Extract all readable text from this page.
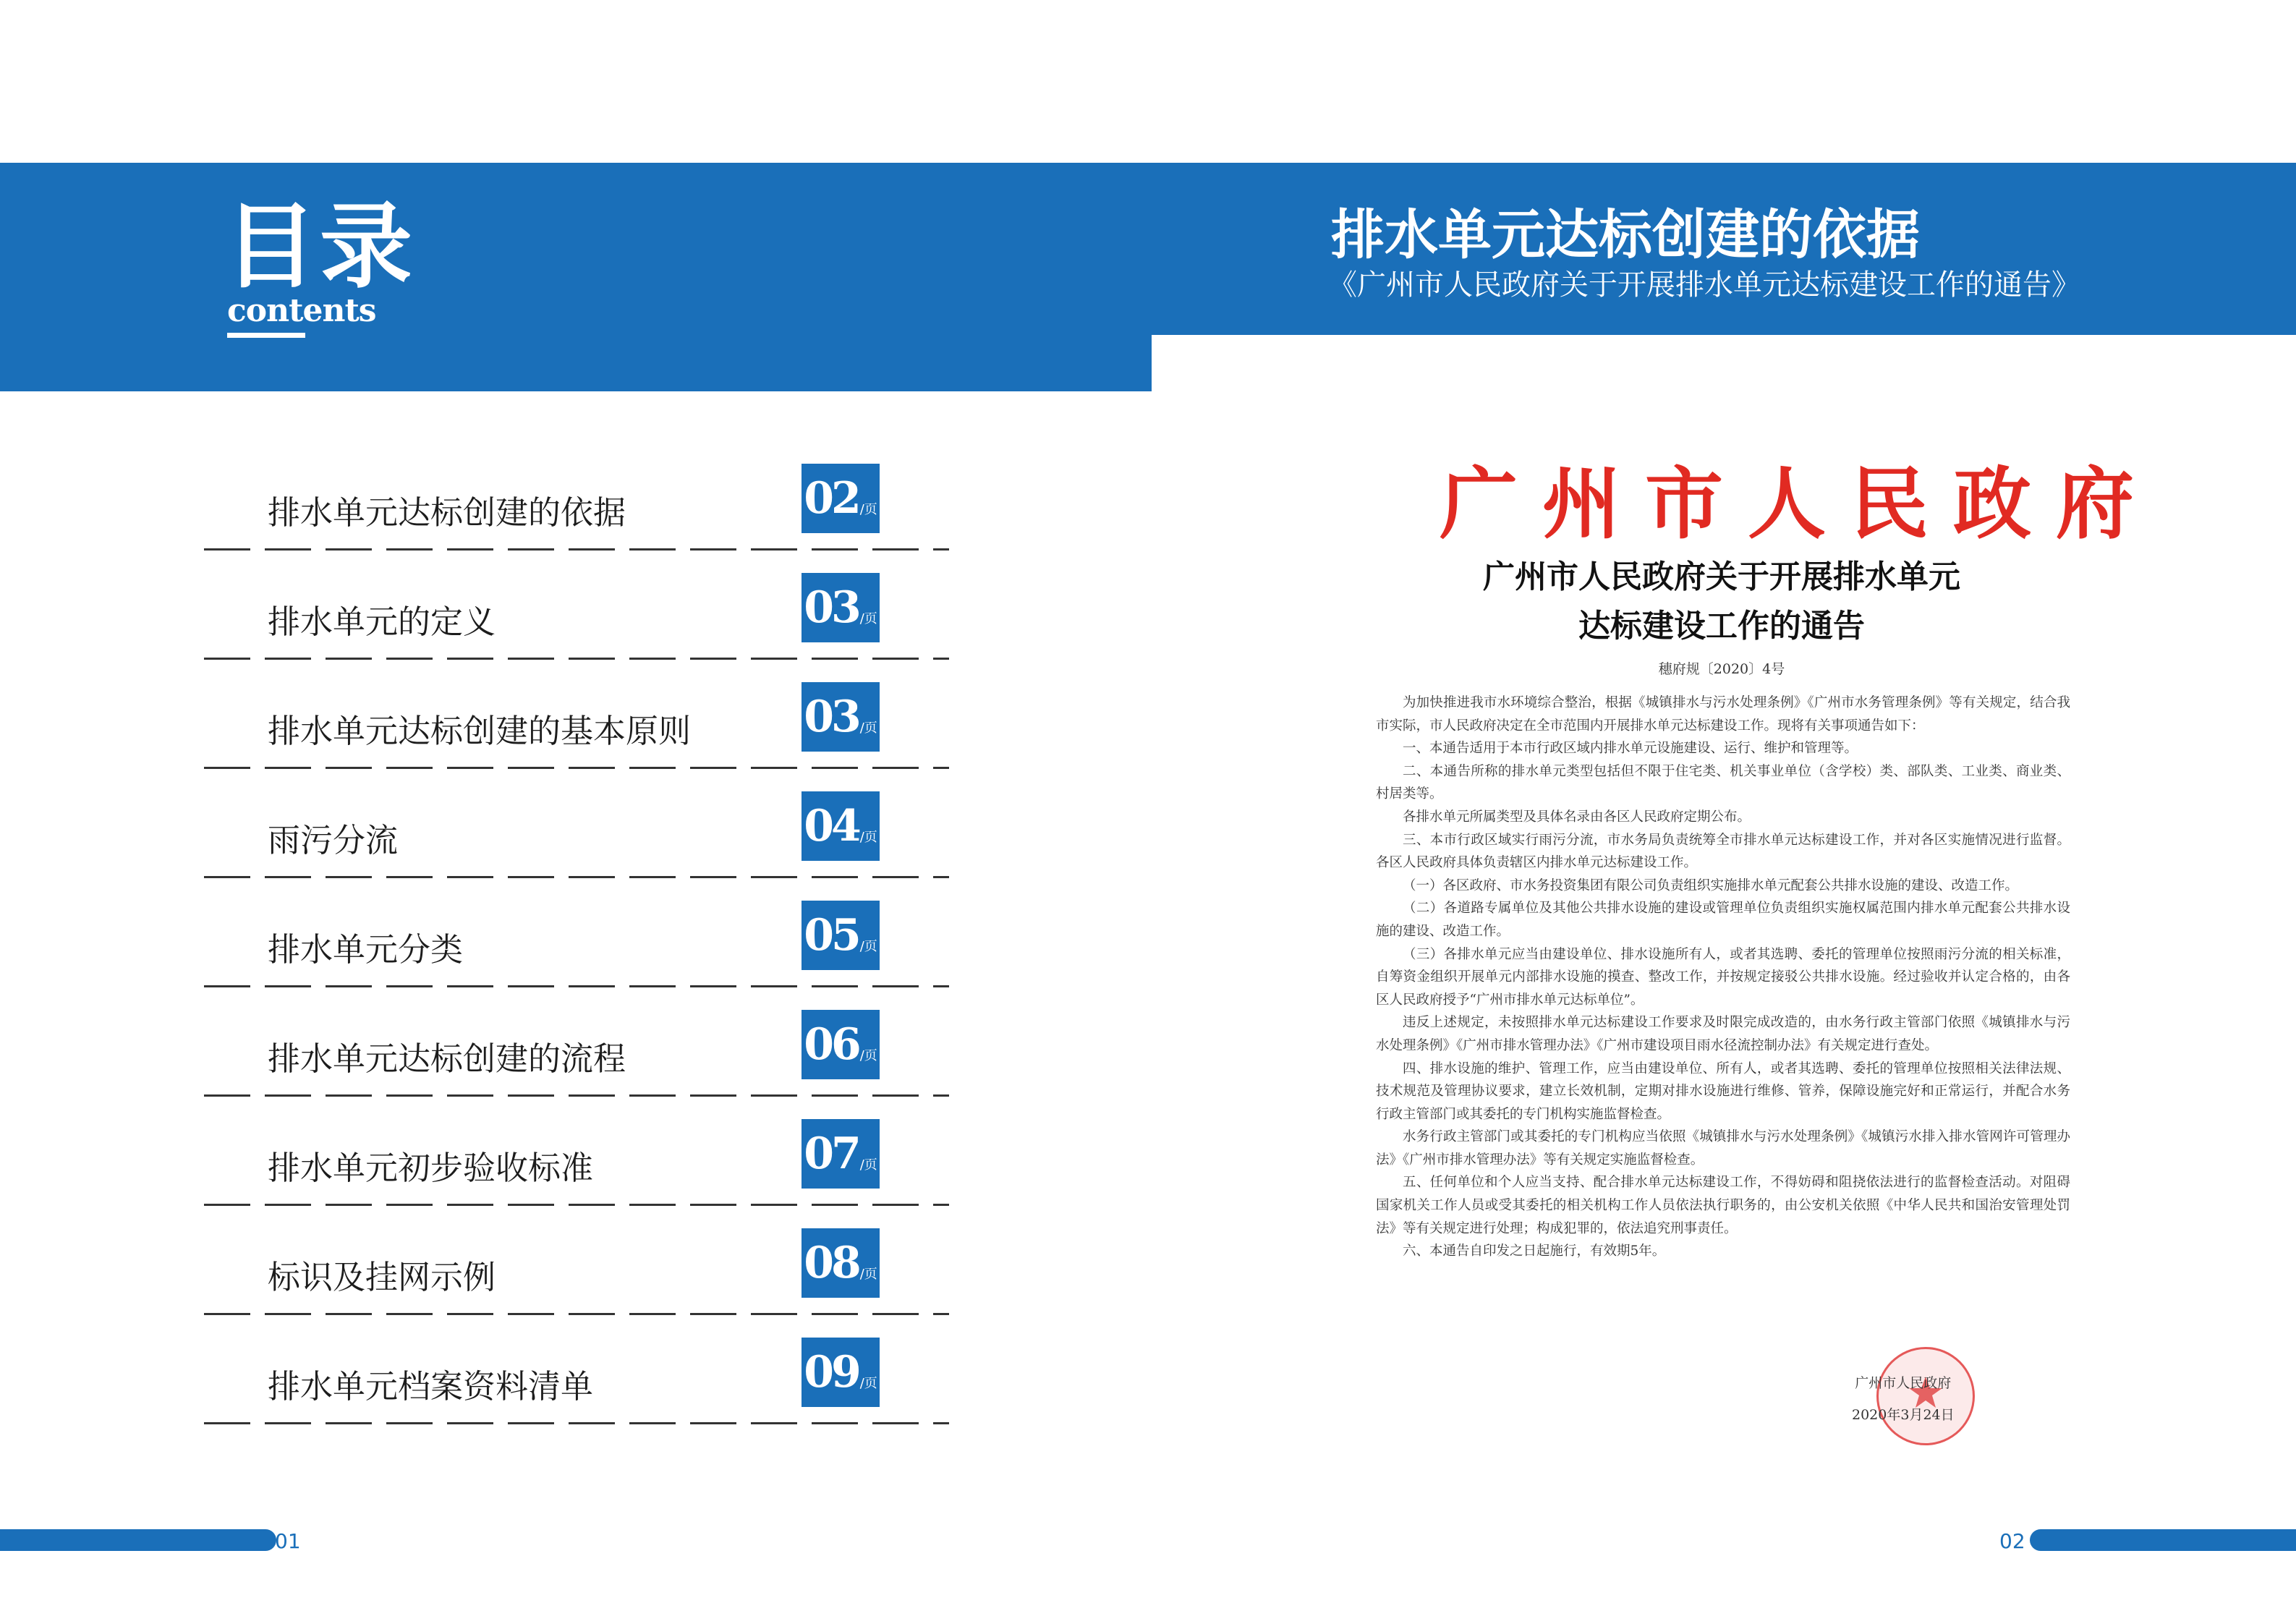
目录
contents
排水单元达标创建的依据	02 /页
排水单元的定义	03 /页
排水单元达标创建的基本原则	03 /页
雨污分流	04 /页
排水单元分类	05 /页
排水单元达标创建的流程	06 /页
排水单元初步验收标准	07 /页
标识及挂网示例	08 /页
排水单元档案资料清单	09 /页
排水单元达标创建的依据
《广州市人民政府关于开展排水单元达标建设工作的通告》
广州市人民政府
广州市人民政府关于开展排水单元
达标建设工作的通告
穗府规〔2020〕4号

为加快推进我市水环境综合整治，根据《城镇排水与污水处理条例》《广州市水务管理条例》等有关规定，结合我市实际，市人民政府决定在全市范围内开展排水单元达标建设工作。现将有关事项通告如下：

一、本通告适用于本市行政区域内排水单元设施建设、运行、维护和管理等。

二、本通告所称的排水单元类型包括但不限于住宅类、机关事业单位（含学校）类、部队类、工业类、商业类、村居类等。

各排水单元所属类型及具体名录由各区人民政府定期公布。

三、本市行政区域实行雨污分流，市水务局负责统筹全市排水单元达标建设工作，并对各区实施情况进行监督。各区人民政府具体负责辖区内排水单元达标建设工作。

（一）各区政府、市水务投资集团有限公司负责组织实施排水单元配套公共排水设施的建设、改造工作。

（二）各道路专属单位及其他公共排水设施的建设或管理单位负责组织实施权属范围内排水单元配套公共排水设施的建设、改造工作。

（三）各排水单元应当由建设单位、排水设施所有人，或者其选聘、委托的管理单位按照雨污分流的相关标准，自筹资金组织开展单元内部排水设施的摸查、整改工作，并按规定接驳公共排水设施。经过验收并认定合格的，由各区人民政府授予“广州市排水单元达标单位”。

违反上述规定，未按照排水单元达标建设工作要求及时限完成改造的，由水务行政主管部门依照《城镇排水与污水处理条例》《广州市排水管理办法》《广州市建设项目雨水径流控制办法》有关规定进行查处。

四、排水设施的维护、管理工作，应当由建设单位、所有人，或者其选聘、委托的管理单位按照相关法律法规、技术规范及管理协议要求，建立长效机制，定期对排水设施进行维修、管养，保障设施完好和正常运行，并配合水务行政主管部门或其委托的专门机构实施监督检查。

水务行政主管部门或其委托的专门机构应当依照《城镇排水与污水处理条例》《城镇污水排入排水管网许可管理办法》《广州市排水管理办法》等有关规定实施监督检查。

五、任何单位和个人应当支持、配合排水单元达标建设工作，不得妨碍和阻挠依法进行的监督检查活动。对阻碍国家机关工作人员或受其委托的相关机构工作人员依法执行职务的，由公安机关依照《中华人民共和国治安管理处罚法》等有关规定进行处理；构成犯罪的，依法追究刑事责任。

六、本通告自印发之日起施行，有效期5年。

广州市人民政府
2020年3月24日
01	02
